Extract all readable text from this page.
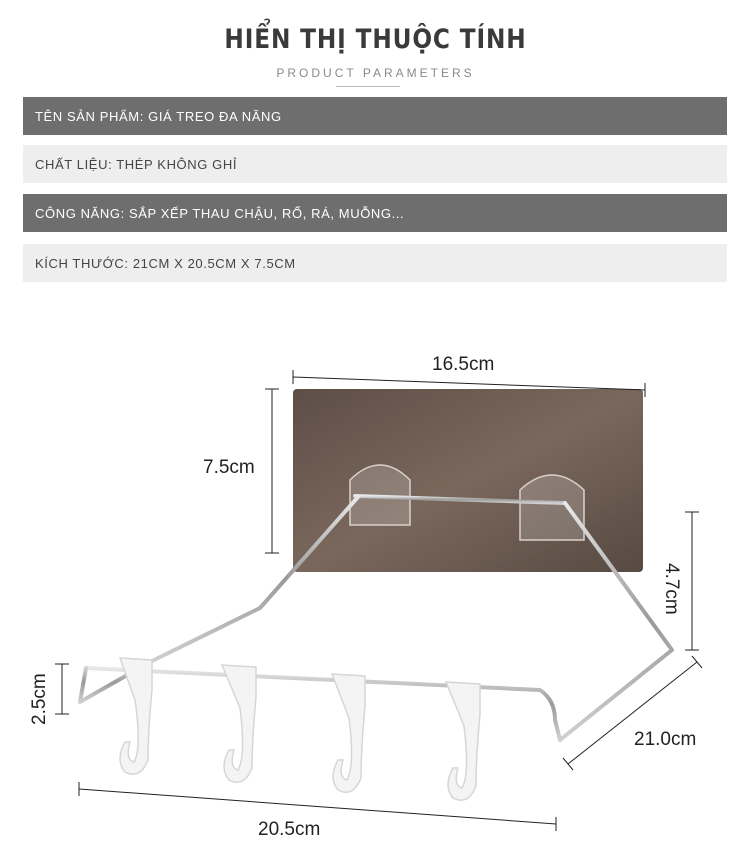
HIỂN THỊ THUỘC TÍNH
PRODUCT PARAMETERS
TÊN SẢN PHẨM: GIÁ TREO ĐA NĂNG
CHẤT LIỆU: THÉP KHÔNG GHỈ
CÔNG NĂNG: SẮP XẾP THAU CHẬU, RỔ, RÁ, MUỖNG...
KÍCH THƯỚC: 21CM X 20.5CM X 7.5CM
16.5cm
7.5cm
4.7cm
2.5cm
21.0cm
20.5cm
